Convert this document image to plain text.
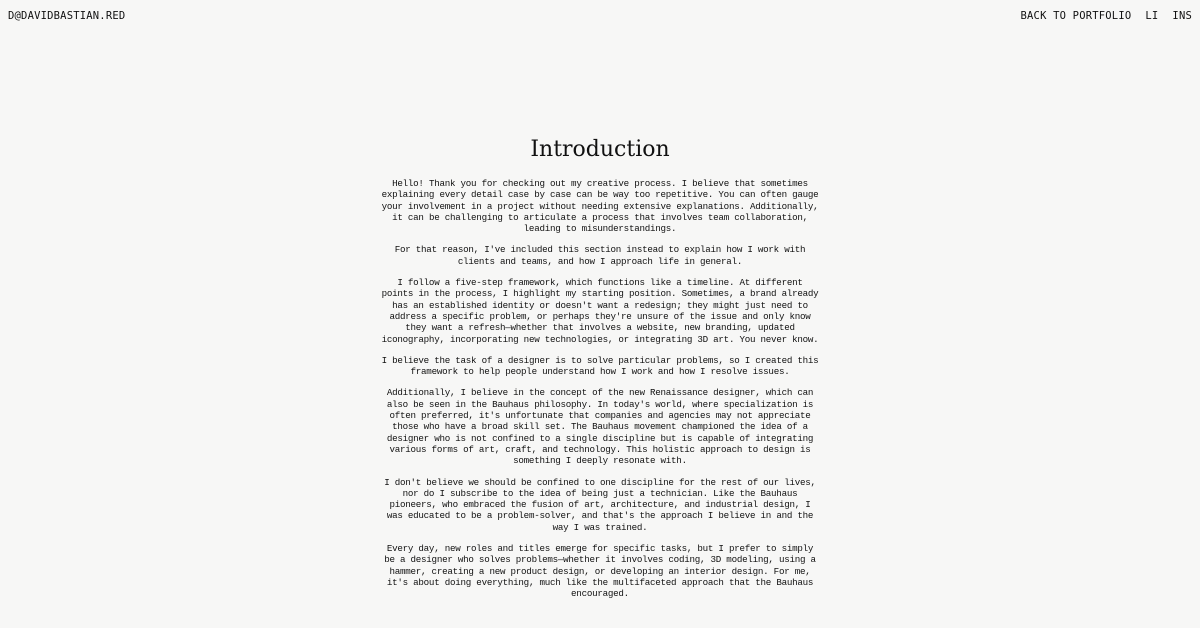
D@DAVIDBASTIAN.RED	BACK TO PORTFOLIO LI INS
Introduction

Hello! Thank you for checking out my creative process. I believe that sometimes explaining every detail case by case can be way too repetitive. You can often gauge your involvement in a project without needing extensive explanations. Additionally, it can be challenging to articulate a process that involves team collaboration, leading to misunderstandings.

For that reason, I've included this section instead to explain how I work with clients and teams, and how I approach life in general.

I follow a five-step framework, which functions like a timeline. At different points in the process, I highlight my starting position. Sometimes, a brand already has an established identity or doesn't want a redesign; they might just need to address a specific problem, or perhaps they're unsure of the issue and only know they want a refresh—whether that involves a website, new branding, updated iconography, incorporating new technologies, or integrating 3D art. You never know.

I believe the task of a designer is to solve particular problems, so I created this framework to help people understand how I work and how I resolve issues.

Additionally, I believe in the concept of the new Renaissance designer, which can also be seen in the Bauhaus philosophy. In today's world, where specialization is often preferred, it's unfortunate that companies and agencies may not appreciate those who have a broad skill set. The Bauhaus movement championed the idea of a designer who is not confined to a single discipline but is capable of integrating various forms of art, craft, and technology. This holistic approach to design is something I deeply resonate with.

I don't believe we should be confined to one discipline for the rest of our lives, nor do I subscribe to the idea of being just a technician. Like the Bauhaus pioneers, who embraced the fusion of art, architecture, and industrial design, I was educated to be a problem-solver, and that's the approach I believe in and the way I was trained.

Every day, new roles and titles emerge for specific tasks, but I prefer to simply be a designer who solves problems—whether it involves coding, 3D modeling, using a hammer, creating a new product design, or developing an interior design. For me, it's about doing everything, much like the multifaceted approach that the Bauhaus encouraged.
